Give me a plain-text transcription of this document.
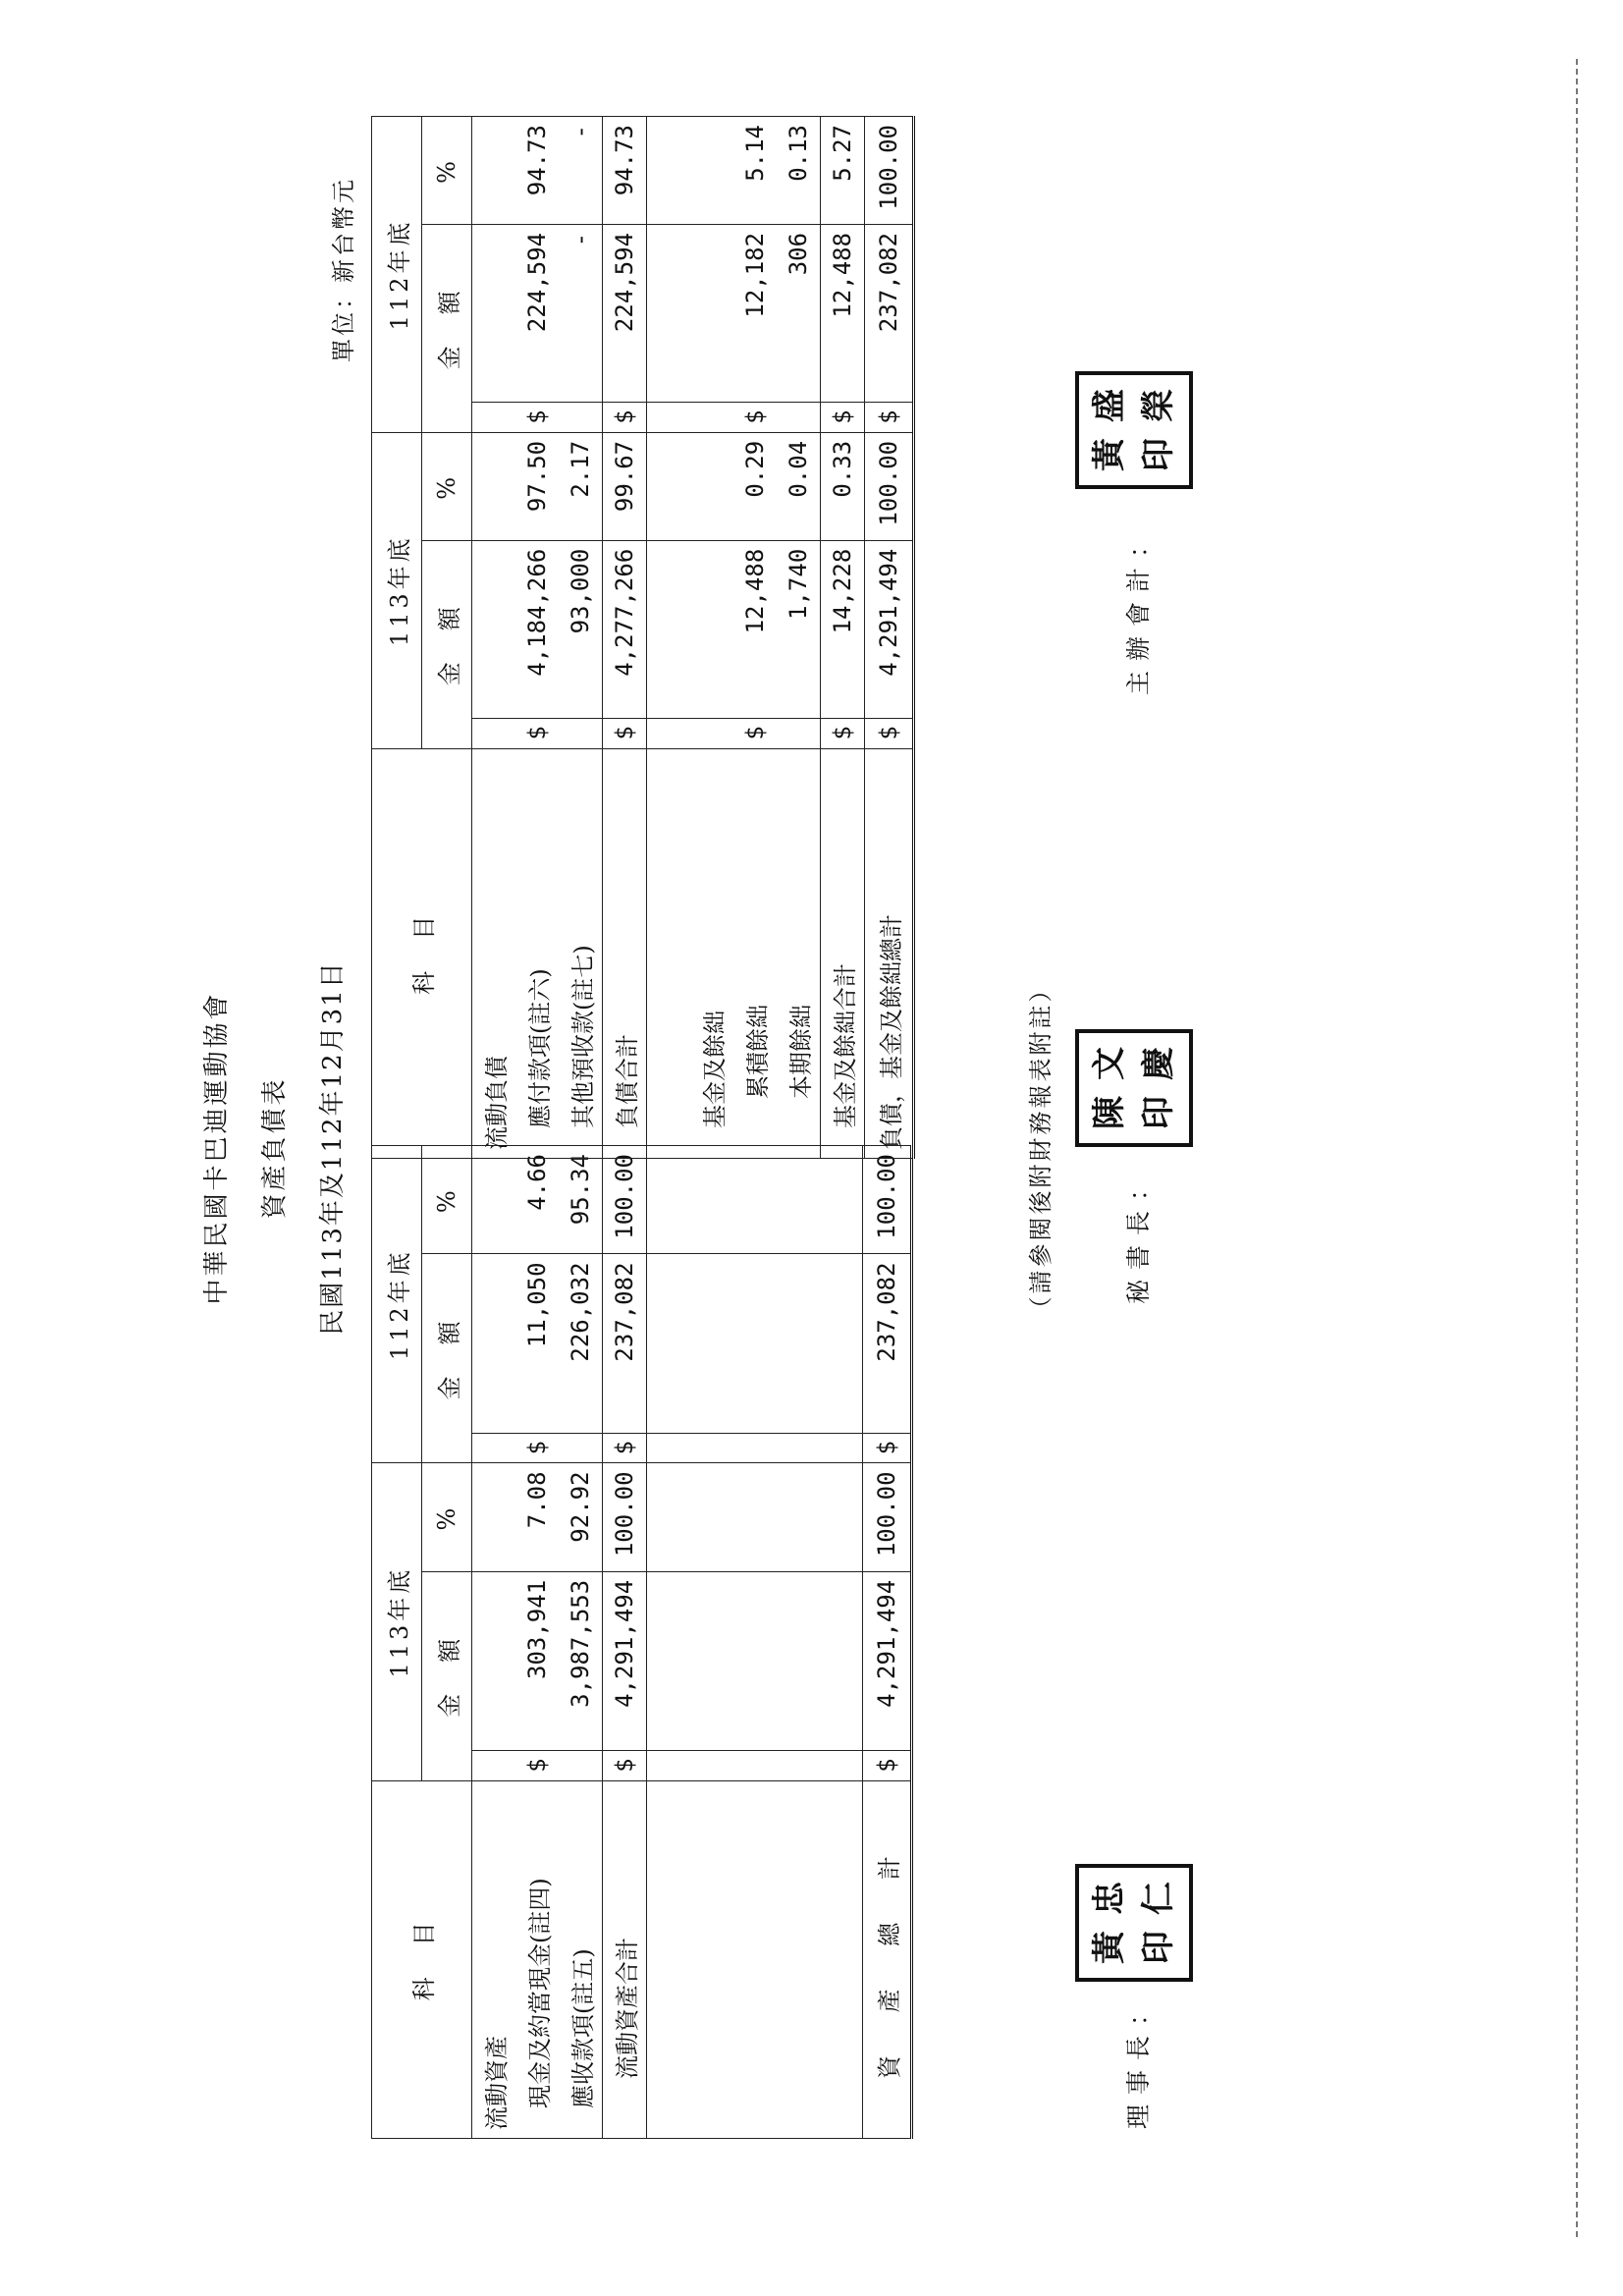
中華民國卡巴迪運動協會 資產負債表 民國113年及112年12月31日
單位：新台幣元
科　目	113年底			112年底		
	金　額		%	金　額		%
流動資產						
現金及約當現金(註四)	$	303,941	7.08	$	11,050	4.66
應收款項(註五)		3,987,553	92.92		226,032	95.34
流動資產合計	$	4,291,494	100.00	$	237,082	100.00

資 產 總 計	$	4,291,494	100.00	$	237,082	100.00
科　目	113年底			112年底		
	金　額		%	金　額		%
流動負債						
應付款項(註六)	$	4,184,266	97.50	$	224,594	94.73
其他預收款(註七)		93,000	2.17		-	-
負債合計	$	4,277,266	99.67	$	224,594	94.73

基金及餘絀						
累積餘絀	$	12,488	0.29	$	12,182	5.14
本期餘絀		1,740	0.04		306	0.13
基金及餘絀合計	$	14,228	0.33	$	12,488	5.27
負債，基金及餘絀總計	$	4,291,494	100.00	$	237,082	100.00
（請參閱後附財務報表附註）
理事長：
黃
忠
印
仁
秘書長：
陳
文
印
慶
主辦會計：
黃
盛
印
榮
